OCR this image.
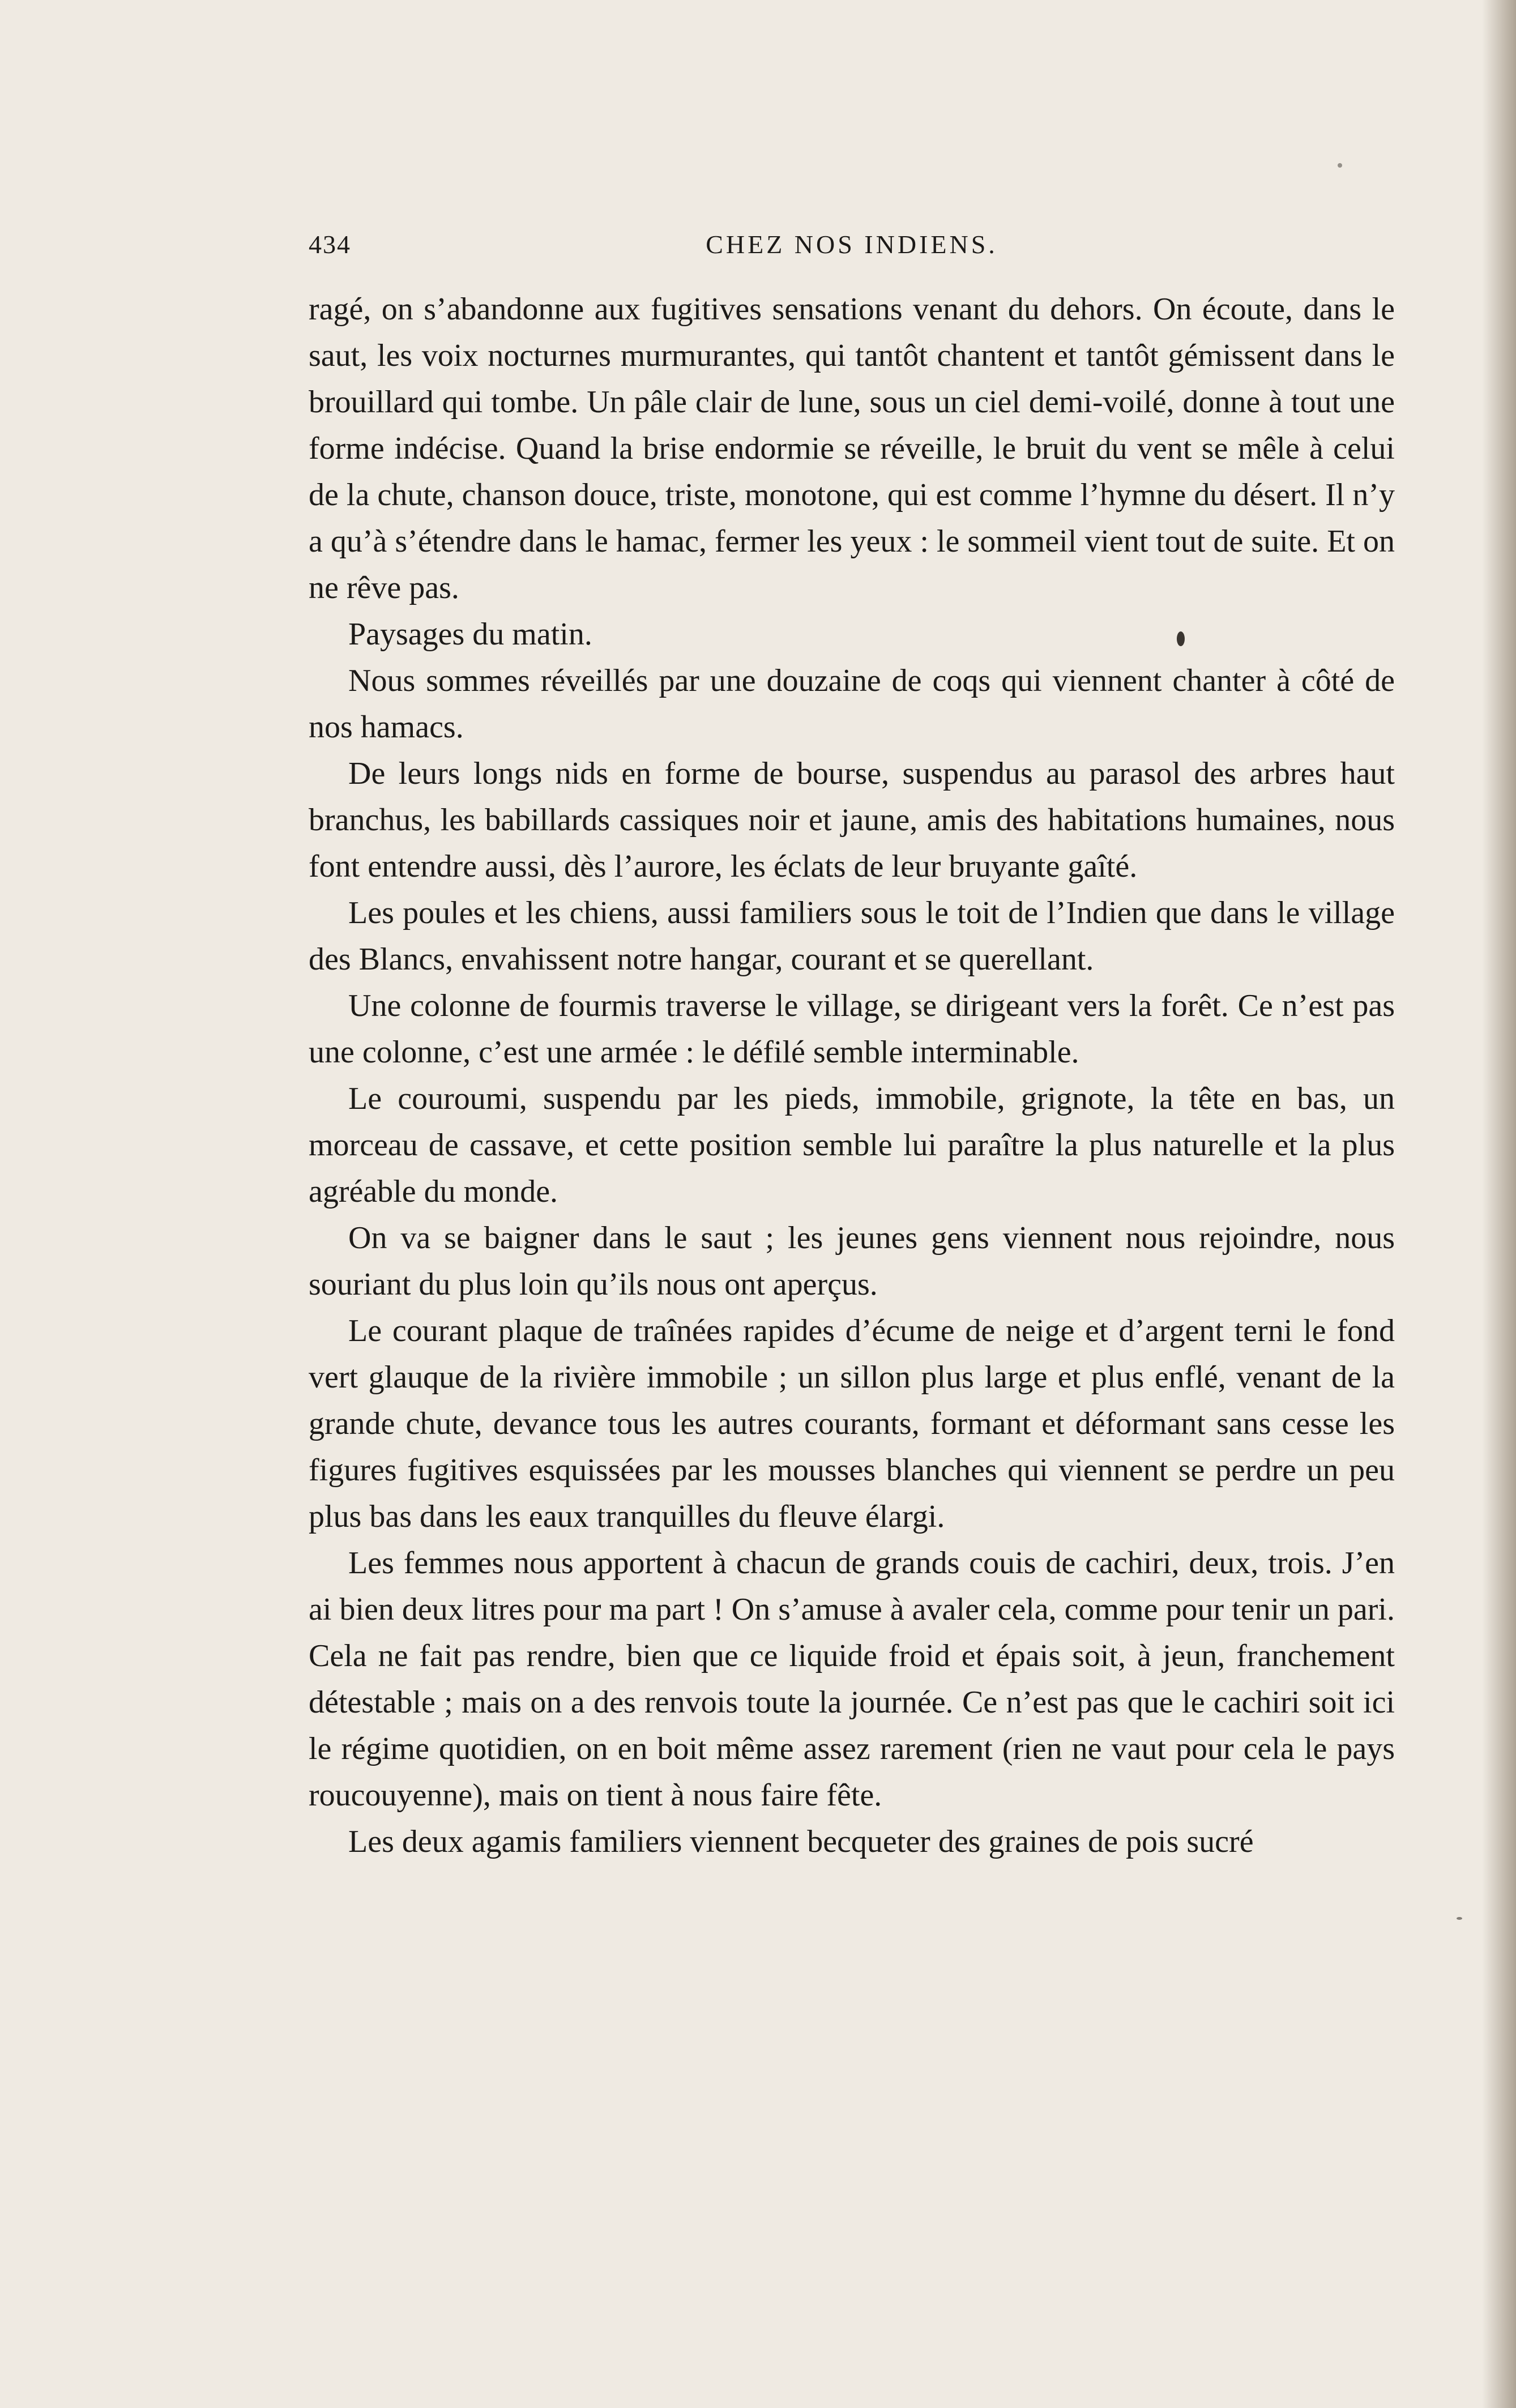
434	CHEZ NOS INDIENS.

ragé, on s’abandonne aux fugitives sensations venant du dehors. On écoute, dans le saut, les voix nocturnes murmurantes, qui tantôt chantent et tantôt gémissent dans le brouillard qui tombe. Un pâle clair de lune, sous un ciel demi-voilé, donne à tout une forme indécise. Quand la brise endormie se réveille, le bruit du vent se mêle à celui de la chute, chanson douce, triste, monotone, qui est comme l’hymne du désert. Il n’y a qu’à s’étendre dans le hamac, fermer les yeux : le sommeil vient tout de suite. Et on ne rêve pas.

Paysages du matin.

Nous sommes réveillés par une douzaine de coqs qui viennent chanter à côté de nos hamacs.

De leurs longs nids en forme de bourse, suspendus au parasol des arbres haut branchus, les babillards cassiques noir et jaune, amis des habitations humaines, nous font entendre aussi, dès l’aurore, les éclats de leur bruyante gaîté.

Les poules et les chiens, aussi familiers sous le toit de l’Indien que dans le village des Blancs, envahissent notre hangar, courant et se querellant.

Une colonne de fourmis traverse le village, se dirigeant vers la forêt. Ce n’est pas une colonne, c’est une armée : le défilé semble interminable.

Le couroumi, suspendu par les pieds, immobile, grignote, la tête en bas, un morceau de cassave, et cette position semble lui paraître la plus naturelle et la plus agréable du monde.

On va se baigner dans le saut ; les jeunes gens viennent nous rejoindre, nous souriant du plus loin qu’ils nous ont aperçus.

Le courant plaque de traînées rapides d’écume de neige et d’argent terni le fond vert glauque de la rivière immobile ; un sillon plus large et plus enflé, venant de la grande chute, devance tous les autres courants, formant et déformant sans cesse les figures fugitives esquissées par les mousses blanches qui viennent se perdre un peu plus bas dans les eaux tranquilles du fleuve élargi.

Les femmes nous apportent à chacun de grands couis de cachiri, deux, trois. J’en ai bien deux litres pour ma part ! On s’amuse à avaler cela, comme pour tenir un pari. Cela ne fait pas rendre, bien que ce liquide froid et épais soit, à jeun, franchement détestable ; mais on a des renvois toute la journée. Ce n’est pas que le cachiri soit ici le régime quotidien, on en boit même assez rarement (rien ne vaut pour cela le pays roucouyenne), mais on tient à nous faire fête.

Les deux agamis familiers viennent becqueter des graines de pois sucré
